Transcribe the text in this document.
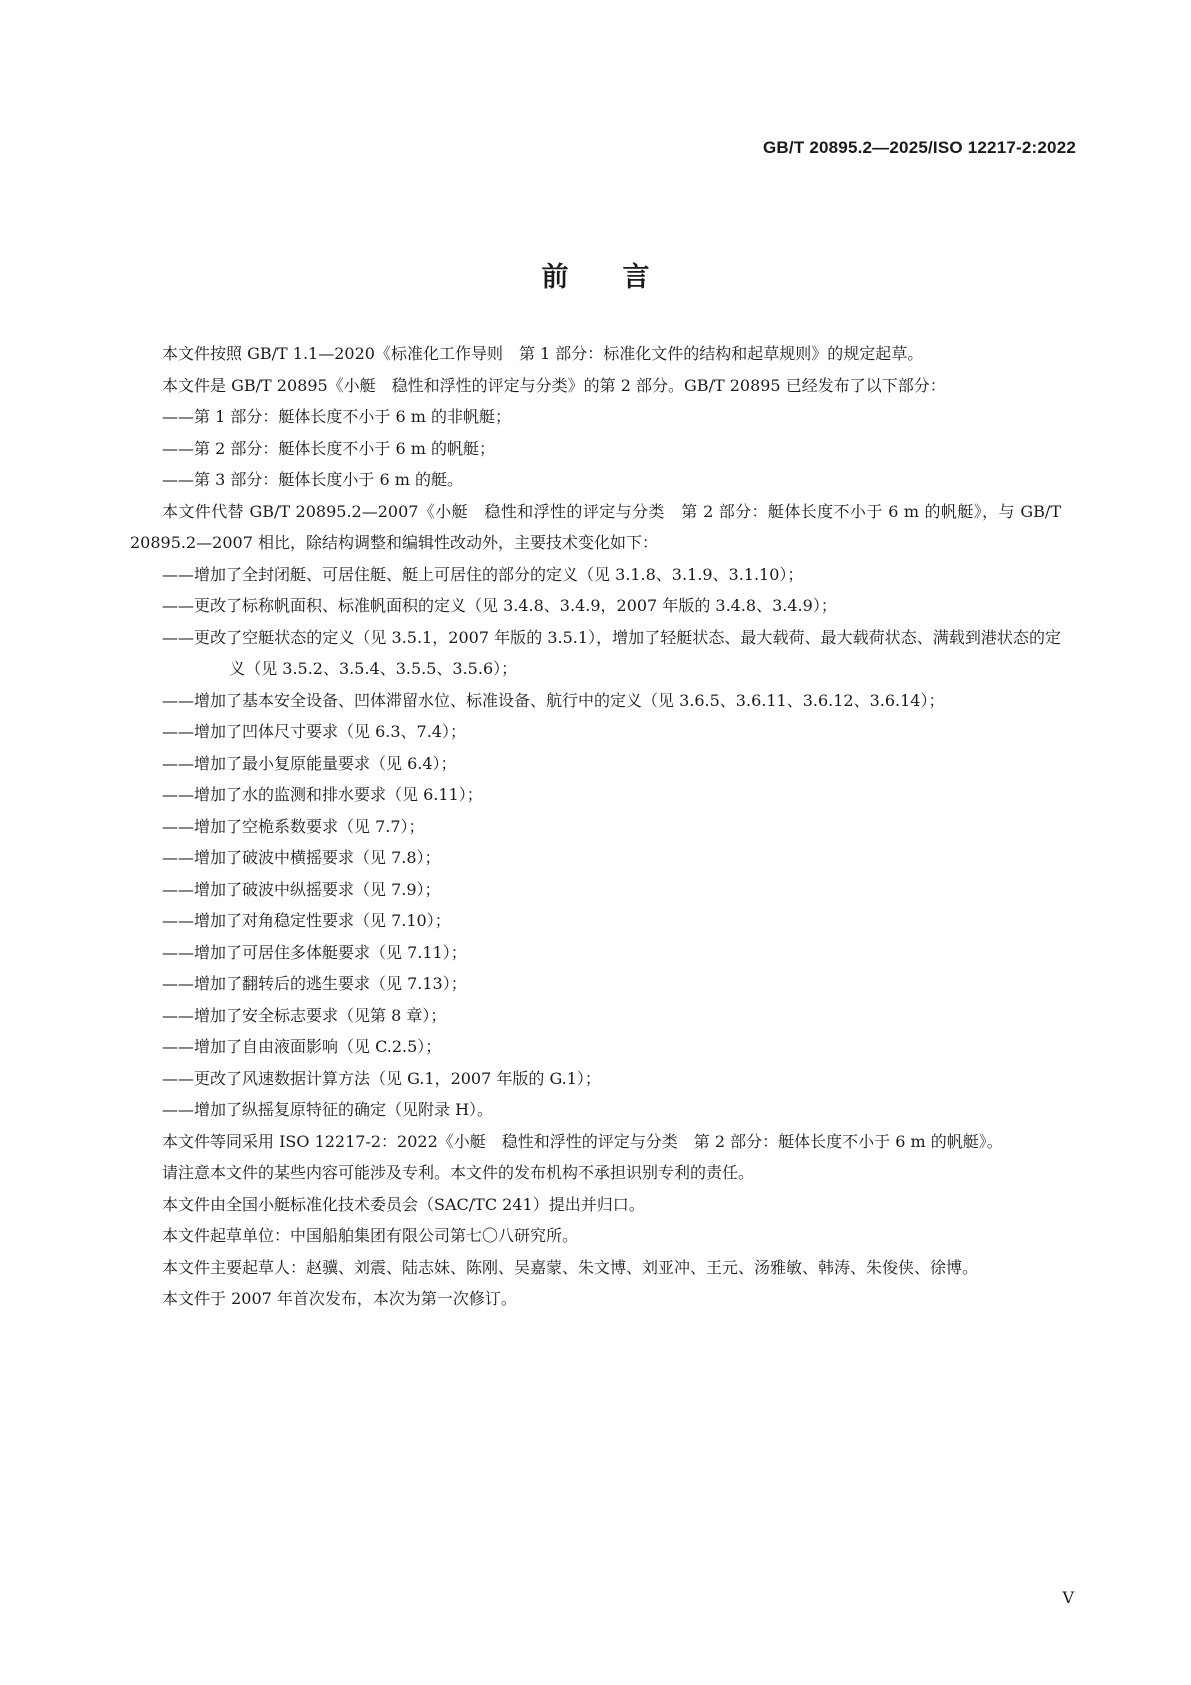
GB/T 20895.2—2025/ISO 12217-2:2022
前言

本文件按照 GB/T 1.1—2020《标准化工作导则　第 1 部分：标准化文件的结构和起草规则》的规定起草。

本文件是 GB/T 20895《小艇　稳性和浮性的评定与分类》的第 2 部分。GB/T 20895 已经发布了以下部分：

——第 1 部分：艇体长度不小于 6 m 的非帆艇；

——第 2 部分：艇体长度不小于 6 m 的帆艇；

——第 3 部分：艇体长度小于 6 m 的艇。

本文件代替 GB/T 20895.2—2007《小艇　稳性和浮性的评定与分类　第 2 部分：艇体长度不小于 6 m 的帆艇》，与 GB/T 20895.2—2007 相比，除结构调整和编辑性改动外，主要技术变化如下：

——增加了全封闭艇、可居住艇、艇上可居住的部分的定义（见 3.1.8、3.1.9、3.1.10）；

——更改了标称帆面积、标准帆面积的定义（见 3.4.8、3.4.9，2007 年版的 3.4.8、3.4.9）；

——更改了空艇状态的定义（见 3.5.1，2007 年版的 3.5.1），增加了轻艇状态、最大载荷、最大载荷状态、满载到港状态的定义（见 3.5.2、3.5.4、3.5.5、3.5.6）；

——增加了基本安全设备、凹体滞留水位、标准设备、航行中的定义（见 3.6.5、3.6.11、3.6.12、3.6.14）；

——增加了凹体尺寸要求（见 6.3、7.4）；

——增加了最小复原能量要求（见 6.4）；

——增加了水的监测和排水要求（见 6.11）；

——增加了空桅系数要求（见 7.7）；

——增加了破波中横摇要求（见 7.8）；

——增加了破波中纵摇要求（见 7.9）；

——增加了对角稳定性要求（见 7.10）；

——增加了可居住多体艇要求（见 7.11）；

——增加了翻转后的逃生要求（见 7.13）；

——增加了安全标志要求（见第 8 章）；

——增加了自由液面影响（见 C.2.5）；

——更改了风速数据计算方法（见 G.1，2007 年版的 G.1）；

——增加了纵摇复原特征的确定（见附录 H）。

本文件等同采用 ISO 12217-2：2022《小艇　稳性和浮性的评定与分类　第 2 部分：艇体长度不小于 6 m 的帆艇》。

请注意本文件的某些内容可能涉及专利。本文件的发布机构不承担识别专利的责任。

本文件由全国小艇标准化技术委员会（SAC/TC 241）提出并归口。

本文件起草单位：中国船舶集团有限公司第七〇八研究所。

本文件主要起草人：赵骥、刘震、陆志妹、陈刚、吴嘉蒙、朱文博、刘亚冲、王元、汤雅敏、韩涛、朱俊侠、徐博。

本文件于 2007 年首次发布，本次为第一次修订。

V
